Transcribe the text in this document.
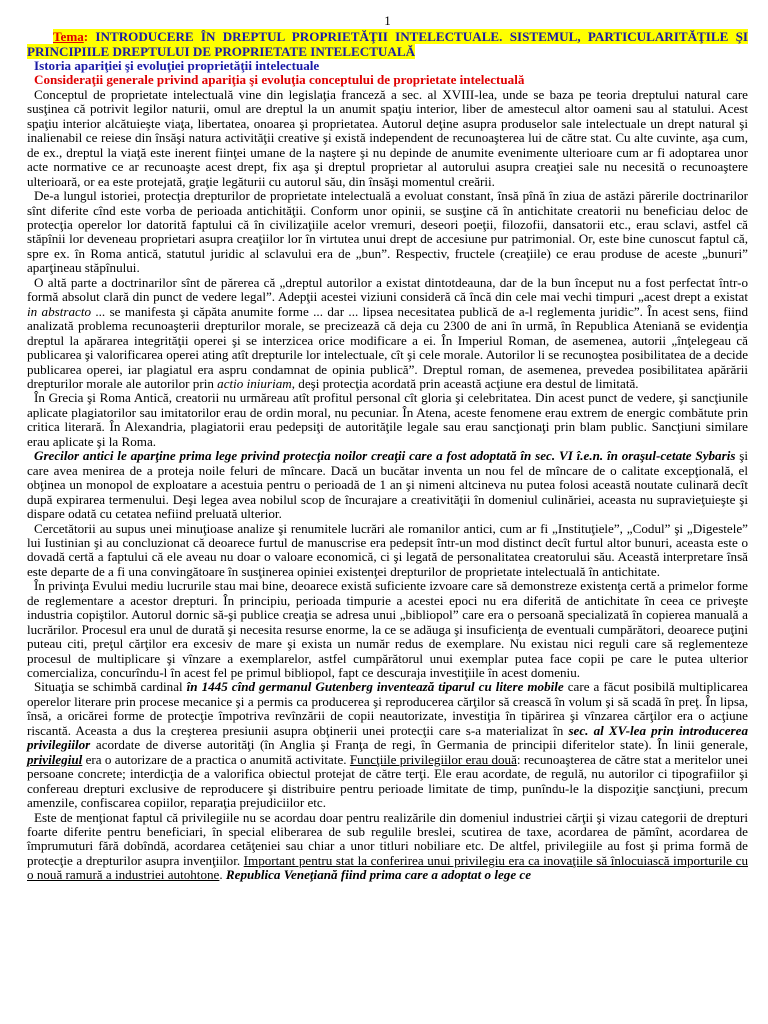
1

Tema: INTRODUCERE ÎN DREPTUL PROPRIETĂŢII INTELECTUALE. SISTEMUL, PARTICULARITĂŢILE ŞI PRINCIPIILE DREPTULUI DE PROPRIETATE INTELECTUALĂ

Istoria apariţiei şi evoluţiei proprietăţii intelectuale
Consideraţii generale privind apariţia şi evoluţia conceptului de proprietate intelectuală

Conceptul de proprietate intelectuală vine din legislaţia franceză a sec. al XVIII-lea, unde se baza pe teoria dreptului natural care susţinea că potrivit legilor naturii, omul are dreptul la un anumit spaţiu interior, liber de amestecul altor oameni sau al statului. Acest spaţiu interior alcătuieşte viaţa, libertatea, onoarea şi proprietatea. Autorul deţine asupra produselor sale intelectuale un drept natural şi inalienabil ce reiese din însăşi natura activităţii creative şi există independent de recunoaşterea lui de către stat. Cu alte cuvinte, aşa cum, de ex., dreptul la viaţă este inerent fiinţei umane de la naştere şi nu depinde de anumite evenimente ulterioare cum ar fi adoptarea unor acte normative ce ar recunoaşte acest drept, fix aşa şi dreptul proprietar al autorului asupra creaţiei sale nu necesită o recunoaştere ulterioară, or ea este protejată, graţie legăturii cu autorul său, din însăşi momentul creării.

De-a lungul istoriei, protecţia drepturilor de proprietate intelectuală a evoluat constant, însă pînă în ziua de astăzi părerile doctrinarilor sînt diferite cînd este vorba de perioada antichităţii. Conform unor opinii, se susţine că în antichitate creatorii nu beneficiau deloc de protecţia operelor lor datorită faptului că în civilizaţiile acelor vremuri, deseori poeţii, filozofii, dansatorii etc., erau sclavi, astfel că stăpînii lor deveneau proprietari asupra creaţiilor lor în virtutea unui drept de accesiune pur patrimonial. Or, este bine cunoscut faptul că, spre ex. în Roma antică, statutul juridic al sclavului era de „bun”. Respectiv, fructele (creaţiile) ce erau produse de aceste „bunuri” aparţineau stăpînului.

O altă parte a doctrinarilor sînt de părerea că „dreptul autorilor a existat dintotdeauna, dar de la bun început nu a fost perfectat într-o formă absolut clară din punct de vedere legal”. Adepţii acestei viziuni consideră că încă din cele mai vechi timpuri „acest drept a existat in abstracto ... se manifesta şi căpăta anumite forme ... dar ... lipsea necesitatea publică de a-l reglementa juridic”. În acest sens, fiind analizată problema recunoaşterii drepturilor morale, se precizează că deja cu 2300 de ani în urmă, în Republica Ateniană se evidenţia dreptul la apărarea integrităţii operei şi se interzicea orice modificare a ei. În Imperiul Roman, de asemenea, autorii „înţelegeau că publicarea şi valorificarea operei ating atît drepturile lor intelectuale, cît şi cele morale. Autorilor li se recunoştea posibilitatea de a decide publicarea operei, iar plagiatul era aspru condamnat de opinia publică”. Dreptul roman, de asemenea, prevedea posibilitatea apărării drepturilor morale ale autorilor prin actio iniuriam, deşi protecţia acordată prin această acţiune era destul de limitată.

În Grecia şi Roma Antică, creatorii nu urmăreau atît profitul personal cît gloria şi celebritatea. Din acest punct de vedere, şi sancţiunile aplicate plagiatorilor sau imitatorilor erau de ordin moral, nu pecuniar. În Atena, aceste fenomene erau extrem de energic combătute prin critica literară. În Alexandria, plagiatorii erau pedepsiţi de autorităţile legale sau erau sancţionaţi prin blam public. Sancţiuni similare erau aplicate şi la Roma.

Grecilor antici le aparţine prima lege privind protecţia noilor creaţii care a fost adoptată în sec. VI î.e.n. în oraşul-cetate Sybaris şi care avea menirea de a proteja noile feluri de mîncare. Dacă un bucătar inventa un nou fel de mîncare de o calitate excepţională, el obţinea un monopol de exploatare a acestuia pentru o perioadă de 1 an şi nimeni altcineva nu putea folosi această noutate culinară decît după expirarea termenului. Deşi legea avea nobilul scop de încurajare a creativităţii în domeniul culinăriei, aceasta nu supravieţuieşte şi dispare odată cu cetatea nefiind preluată ulterior.

Cercetătorii au supus unei minuţioase analize şi renumitele lucrări ale romanilor antici, cum ar fi „Instituţiele”, „Codul” şi „Digestele” lui Iustinian şi au concluzionat că deoarece furtul de manuscrise era pedepsit într-un mod distinct decît furtul altor bunuri, aceasta este o dovadă certă a faptului că ele aveau nu doar o valoare economică, ci şi legată de personalitatea creatorului său. Această interpretare însă este departe de a fi una convingătoare în susţinerea opiniei existenţei drepturilor de proprietate intelectuală în antichitate.

În privinţa Evului mediu lucrurile stau mai bine, deoarece există suficiente izvoare care să demonstreze existenţa certă a primelor forme de reglementare a acestor drepturi. În principiu, perioada timpurie a acestei epoci nu era diferită de antichitate în ceea ce priveşte industria copiştilor. Autorul dornic să-şi publice creaţia se adresa unui „bibliopol” care era o persoană specializată în copierea manuală a lucrărilor. Procesul era unul de durată şi necesita resurse enorme, la ce se adăuga şi insuficienţa de eventuali cumpărători, deoarece puţini puteau citi, preţul cărţilor era excesiv de mare şi exista un număr redus de exemplare. Nu existau nici reguli care să reglementeze procesul de multiplicare şi vînzare a exemplarelor, astfel cumpărătorul unui exemplar putea face copii pe care le putea ulterior comercializa, concurîndu-l în acest fel pe primul bibliopol, fapt ce descuraja investiţiile în acest domeniu.

Situaţia se schimbă cardinal în 1445 cînd germanul Gutenberg inventează tiparul cu litere mobile care a făcut posibilă multiplicarea operelor literare prin procese mecanice şi a permis ca producerea şi reproducerea cărţilor să crească în volum şi să scadă în preţ. În lipsa, însă, a oricărei forme de protecţie împotriva revînzării de copii neautorizate, investiţia în tipărirea şi vînzarea cărţilor era o acţiune riscantă. Aceasta a dus la creşterea presiunii asupra obţinerii unei protecţii care s-a materializat în sec. al XV-lea prin introducerea privilegiilor acordate de diverse autorităţi (în Anglia şi Franţa de regi, în Germania de principii diferitelor state). În linii generale, privilegiul era o autorizare de a practica o anumită activitate. Funcţiile privilegiilor erau două: recunoaşterea de către stat a meritelor unei persoane concrete; interdicţia de a valorifica obiectul protejat de către terţi. Ele erau acordate, de regulă, nu autorilor ci tipografiilor şi confereau drepturi exclusive de reproducere şi distribuire pentru perioade limitate de timp, punîndu-le la dispoziţie sancţiuni, precum amenzile, confiscarea copiilor, reparaţia prejudiciilor etc.

Este de menţionat faptul că privilegiile nu se acordau doar pentru realizările din domeniul industriei cărţii şi vizau categorii de drepturi foarte diferite pentru beneficiari, în special eliberarea de sub regulile breslei, scutirea de taxe, acordarea de pămînt, acordarea de împrumuturi fără dobîndă, acordarea cetăţeniei sau chiar a unor titluri nobiliare etc. De altfel, privilegiile au fost şi prima formă de protecţie a drepturilor asupra invenţiilor. Important pentru stat la conferirea unui privilegiu era ca inovaţiile să înlocuiască importurile cu o nouă ramură a industriei autohtone. Republica Veneţiană fiind prima care a adoptat o lege ce
